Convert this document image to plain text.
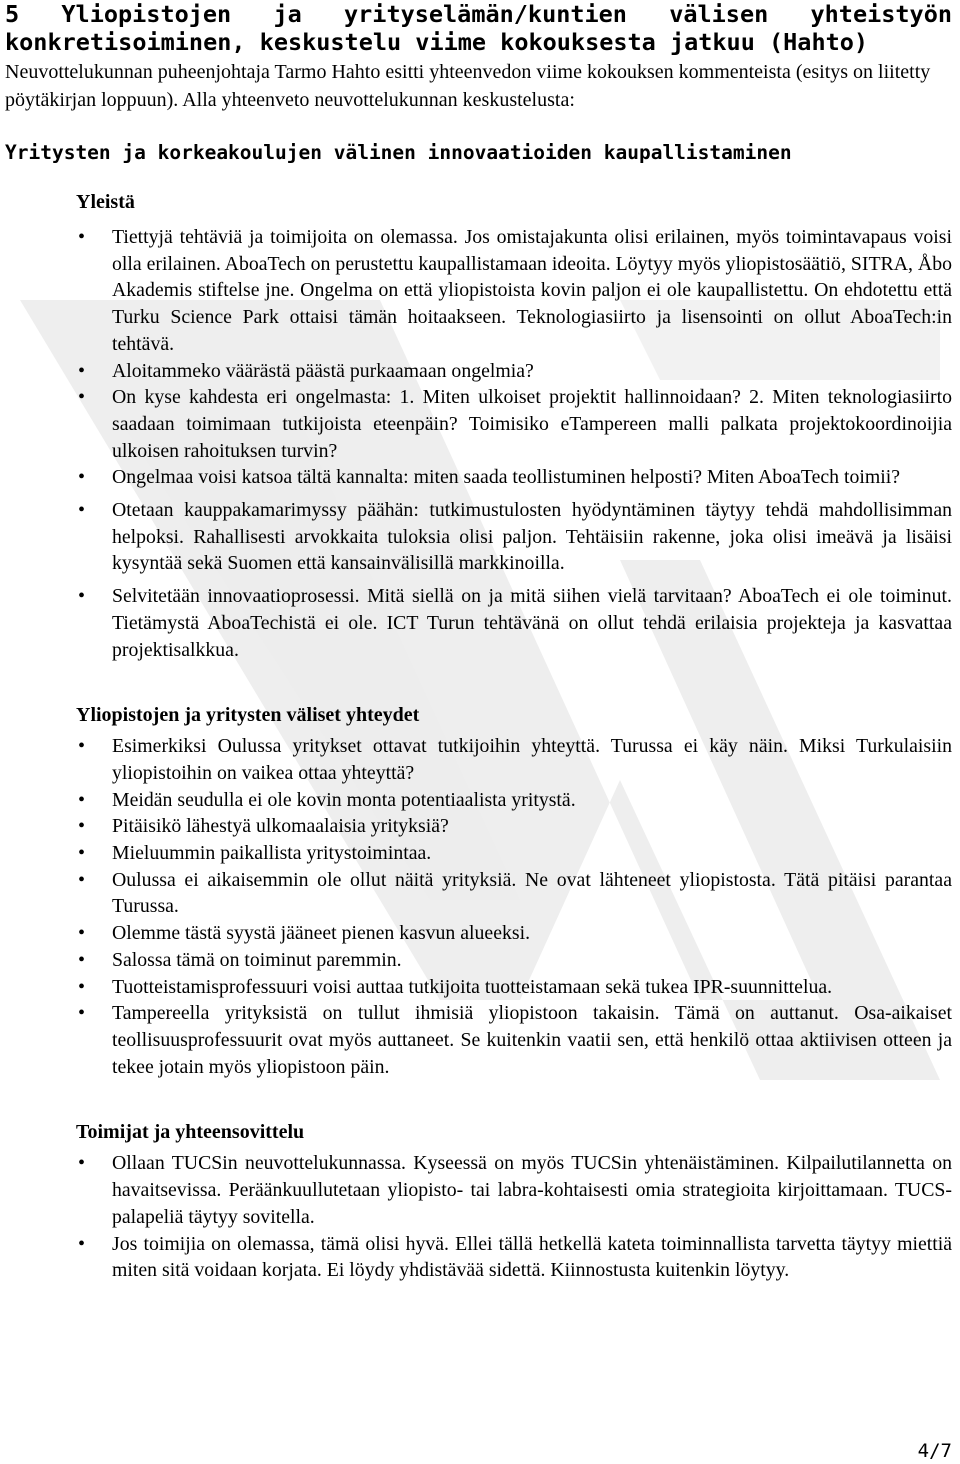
5 Yliopistojen ja yrityselämän/kuntien välisen yhteistyön
konkretisoiminen, keskustelu viime kokouksesta jatkuu (Hahto)

Neuvottelukunnan puheenjohtaja Tarmo Hahto esitti yhteenvedon viime kokouksen kommenteista (esitys on liitetty pöytäkirjan loppuun). Alla yhteenveto neuvottelukunnan keskustelusta:

Yritysten ja korkeakoulujen välinen innovaatioiden kaupallistaminen
Yleistä
• Tiettyjä tehtäviä ja toimijoita on olemassa. Jos omistajakunta olisi erilainen, myös toimintavapaus voisi olla erilainen. AboaTech on perustettu kaupallistamaan ideoita. Löytyy myös yliopistosäätiö, SITRA, Åbo Akademis stiftelse jne. Ongelma on että yliopistoista kovin paljon ei ole kaupallistettu. On ehdotettu että Turku Science Park ottaisi tämän hoitaakseen. Teknologiasiirto ja lisensointi on ollut AboaTech:in tehtävä.
• Aloitammeko väärästä päästä purkaamaan ongelmia?
• On kyse kahdesta eri ongelmasta: 1. Miten ulkoiset projektit hallinnoidaan? 2. Miten teknologiasiirto saadaan toimimaan tutkijoista eteenpäin? Toimisiko eTampereen malli palkata projektokoordinoijia ulkoisen rahoituksen turvin?
• Ongelmaa voisi katsoa tältä kannalta: miten saada teollistuminen helposti? Miten AboaTech toimii?
• Otetaan kauppakamarimyssy päähän: tutkimustulosten hyödyntäminen täytyy tehdä mahdollisimman helpoksi. Rahallisesti arvokkaita tuloksia olisi paljon. Tehtäisiin rakenne, joka olisi imeävä ja lisäisi kysyntää sekä Suomen että kansainvälisillä markkinoilla.
• Selvitetään innovaatioprosessi. Mitä siellä on ja mitä siihen vielä tarvitaan? AboaTech ei ole toiminut. Tietämystä AboaTechistä ei ole. ICT Turun tehtävänä on ollut tehdä erilaisia projekteja ja kasvattaa projektisalkkua.
Yliopistojen ja yritysten väliset yhteydet
• Esimerkiksi Oulussa yritykset ottavat tutkijoihin yhteyttä. Turussa ei käy näin. Miksi Turkulaisiin yliopistoihin on vaikea ottaa yhteyttä?
• Meidän seudulla ei ole kovin monta potentiaalista yritystä.
• Pitäisikö lähestyä ulkomaalaisia yrityksiä?
• Mieluummin paikallista yritystoimintaa.
• Oulussa ei aikaisemmin ole ollut näitä yrityksiä. Ne ovat lähteneet yliopistosta. Tätä pitäisi parantaa Turussa.
• Olemme tästä syystä jääneet pienen kasvun alueeksi.
• Salossa tämä on toiminut paremmin.
• Tuotteistamisprofessuuri voisi auttaa tutkijoita tuotteistamaan sekä tukea IPR-suunnittelua.
• Tampereella yrityksistä on tullut ihmisiä yliopistoon takaisin. Tämä on auttanut. Osa-aikaiset teollisuusprofessuurit ovat myös auttaneet. Se kuitenkin vaatii sen, että henkilö ottaa aktiivisen otteen ja tekee jotain myös yliopistoon päin.
Toimijat ja yhteensovittelu
• Ollaan TUCSin neuvottelukunnassa. Kyseessä on myös TUCSin yhtenäistäminen. Kilpailutilannetta on havaitsevissa. Peräänkuullutetaan yliopisto- tai labra-kohtaisesti omia strategioita kirjoittamaan. TUCS-palapeliä täytyy sovitella.
• Jos toimijia on olemassa, tämä olisi hyvä. Ellei tällä hetkellä kateta toiminnallista tarvetta täytyy miettiä miten sitä voidaan korjata. Ei löydy yhdistävää sidettä. Kiinnostusta kuitenkin löytyy.
4/7
